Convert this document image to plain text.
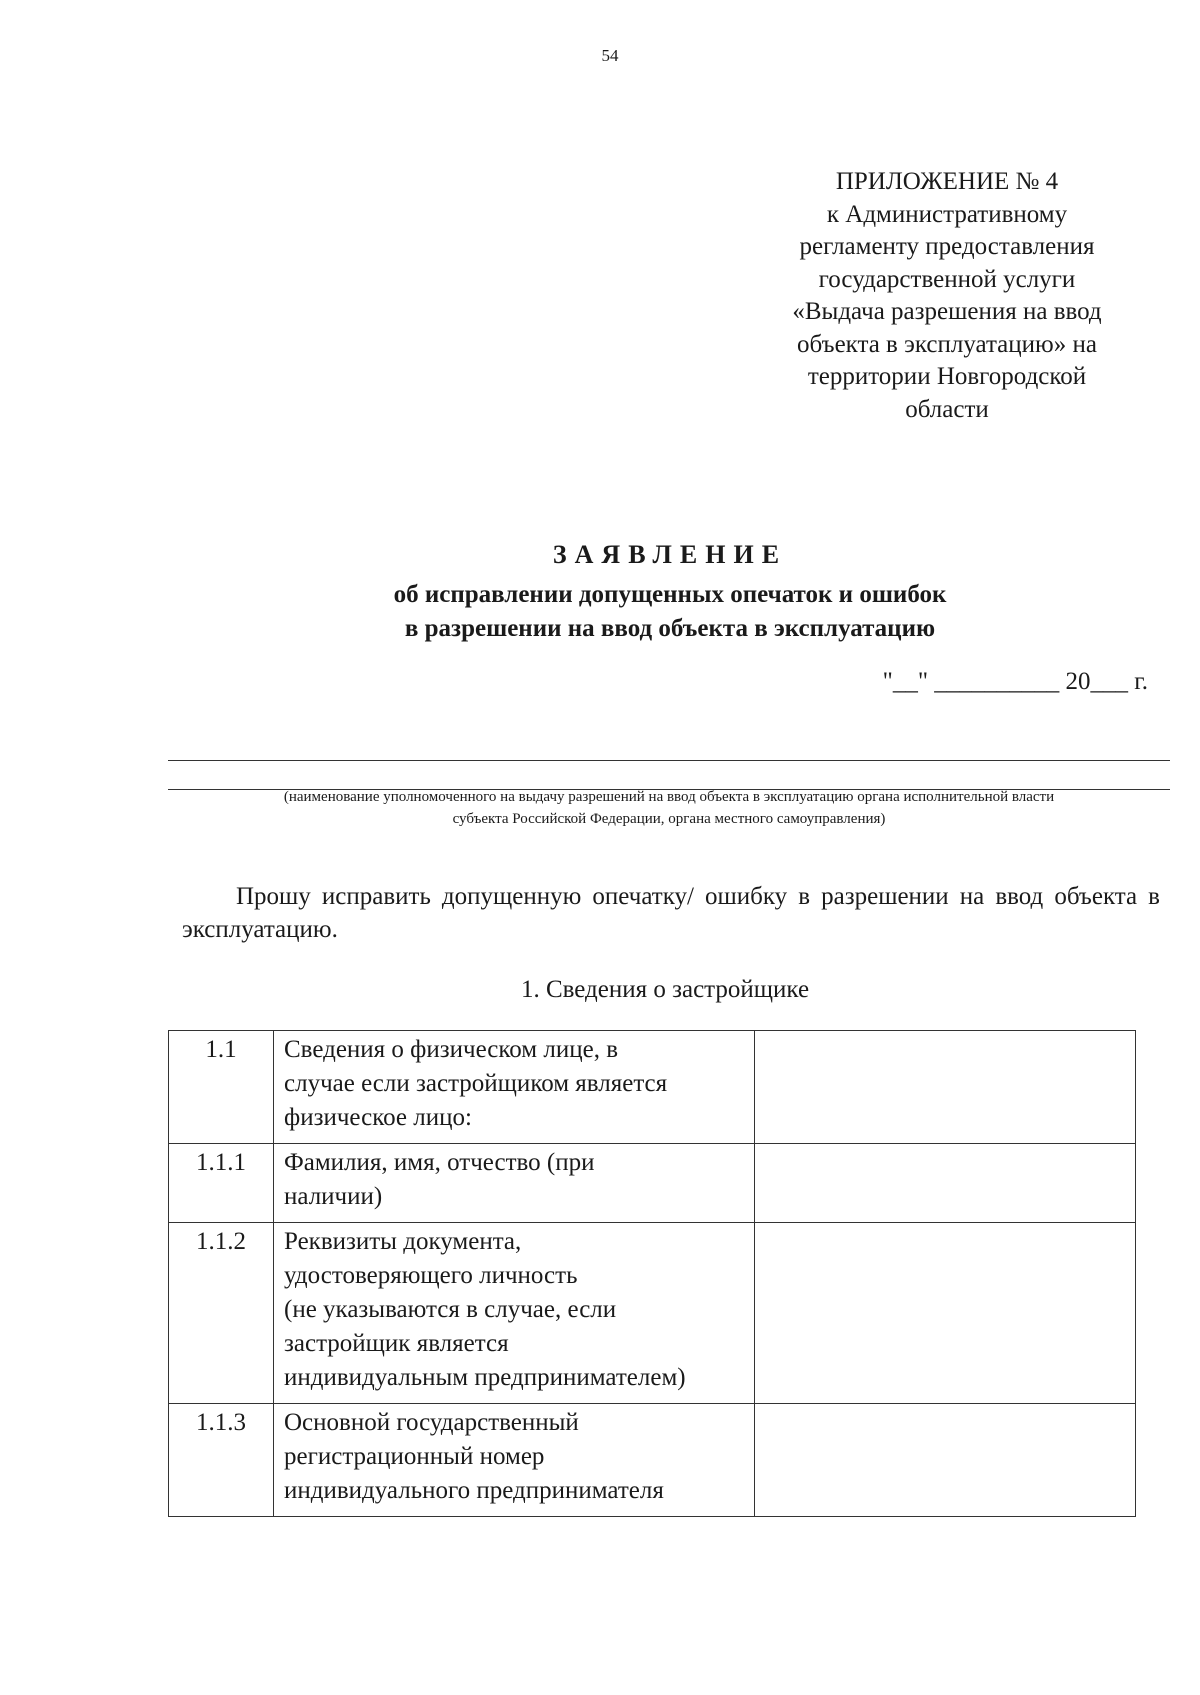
54
ПРИЛОЖЕНИЕ № 4
к Административному
регламенту предоставления
государственной услуги
«Выдача разрешения на ввод
объекта в эксплуатацию» на
территории Новгородской
области
ЗАЯВЛЕНИЕ
об исправлении допущенных опечаток и ошибок
в разрешении на ввод объекта в эксплуатацию
"__" __________ 20___ г.
(наименование уполномоченного на выдачу разрешений на ввод объекта в эксплуатацию органа исполнительной власти
субъекта Российской Федерации, органа местного самоуправления)
Прошу исправить допущенную опечатку/ ошибку в разрешении на ввод объекта в эксплуатацию.
1. Сведения о застройщике
1.1	Сведения о физическом лице, в
случае если застройщиком является
физическое лицо:	

1.1.1	Фамилия, имя, отчество (при
наличии)	

1.1.2	Реквизиты документа,
удостоверяющего личность
(не указываются в случае, если
застройщик является
индивидуальным предпринимателем)	

1.1.3	Основной государственный
регистрационный номер
индивидуального предпринимателя	
